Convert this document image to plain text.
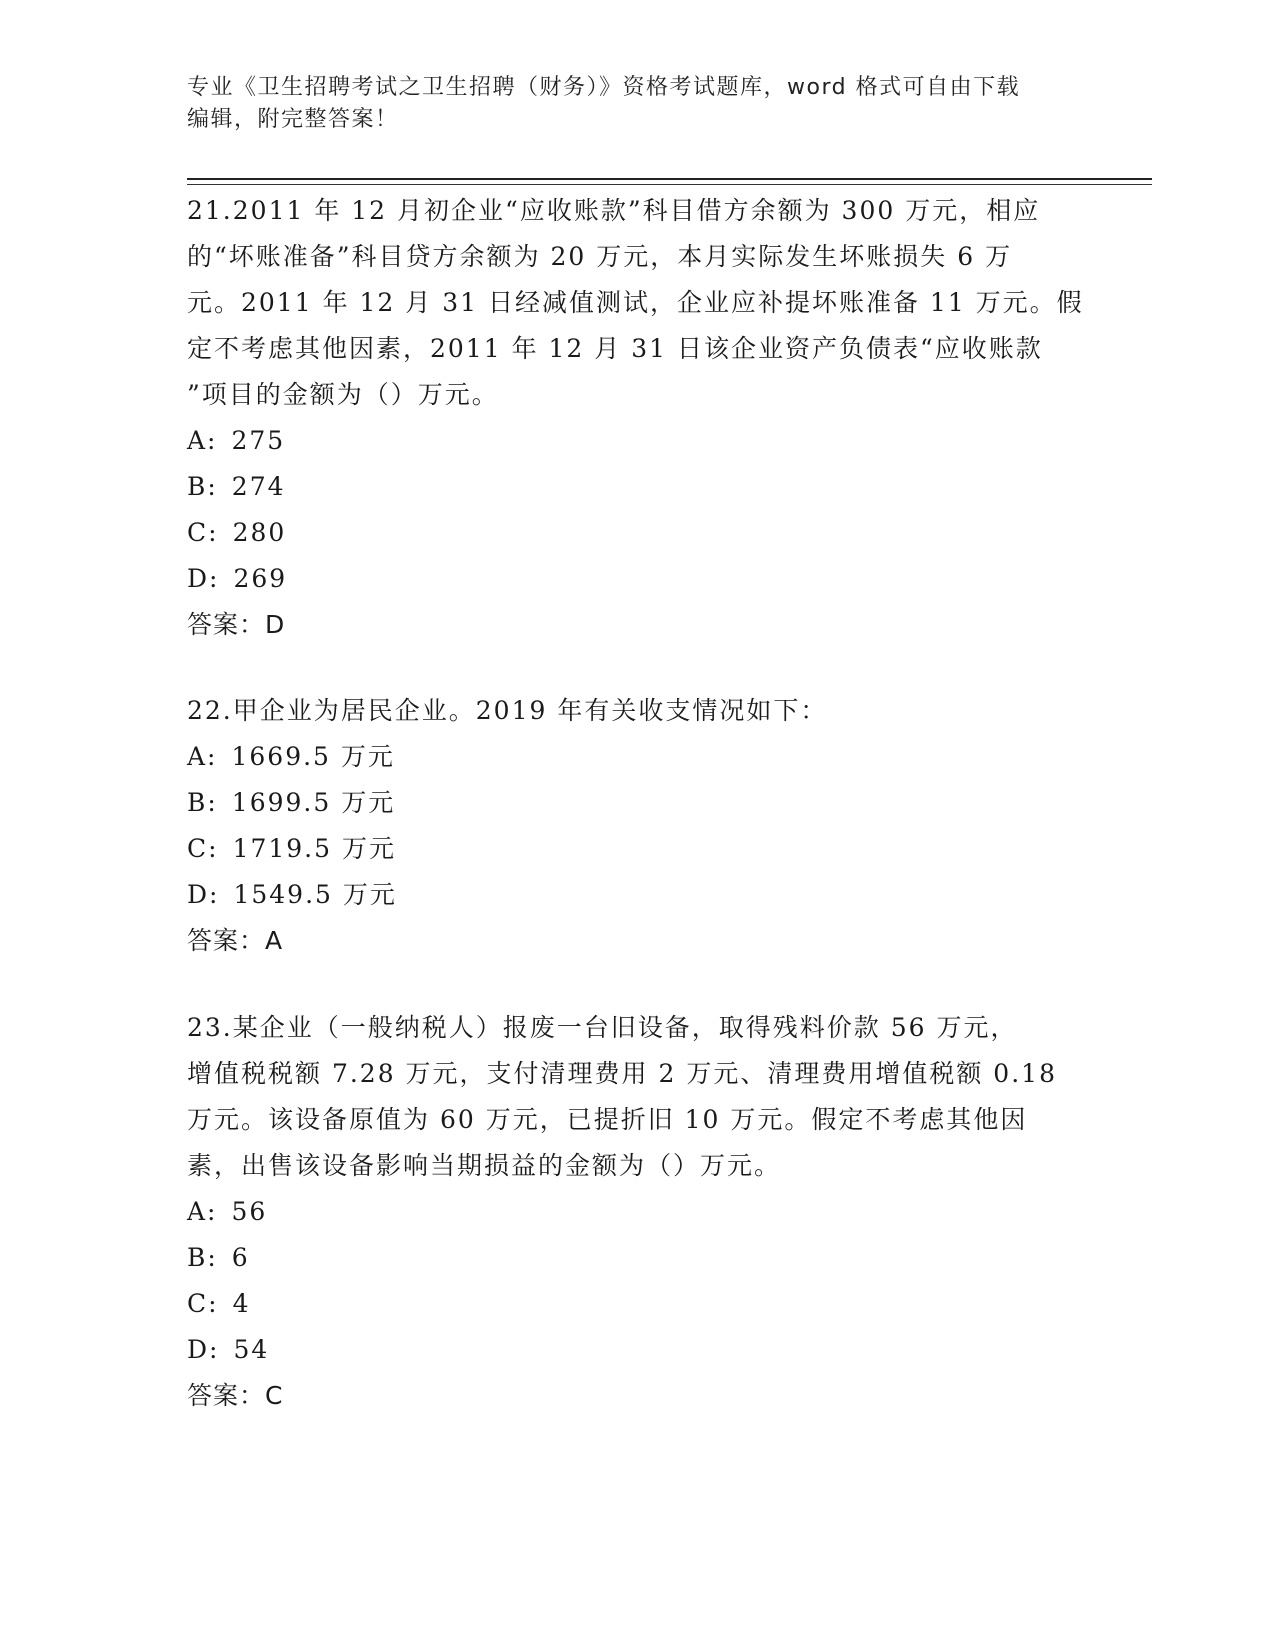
专业《卫生招聘考试之卫生招聘（财务）》资格考试题库，word 格式可自由下载
编辑，附完整答案！

21.2011 年 12 月初企业“应收账款”科目借方余额为 300 万元，相应

的“坏账准备”科目贷方余额为 20 万元，本月实际发生坏账损失 6 万

元。2011 年 12 月 31 日经减值测试，企业应补提坏账准备 11 万元。假

定不考虑其他因素，2011 年 12 月 31 日该企业资产负债表“应收账款

”项目的金额为（）万元。

A: 275

B: 274

C: 280

D: 269

答案：D

22.甲企业为居民企业。2019 年有关收支情况如下：

A: 1669.5 万元

B: 1699.5 万元

C: 1719.5 万元

D: 1549.5 万元

答案：A

23.某企业（一般纳税人）报废一台旧设备，取得残料价款 56 万元，

增值税税额 7.28 万元，支付清理费用 2 万元、清理费用增值税额 0.18

万元。该设备原值为 60 万元，已提折旧 10 万元。假定不考虑其他因

素，出售该设备影响当期损益的金额为（）万元。

A: 56

B: 6

C: 4

D: 54

答案：C
